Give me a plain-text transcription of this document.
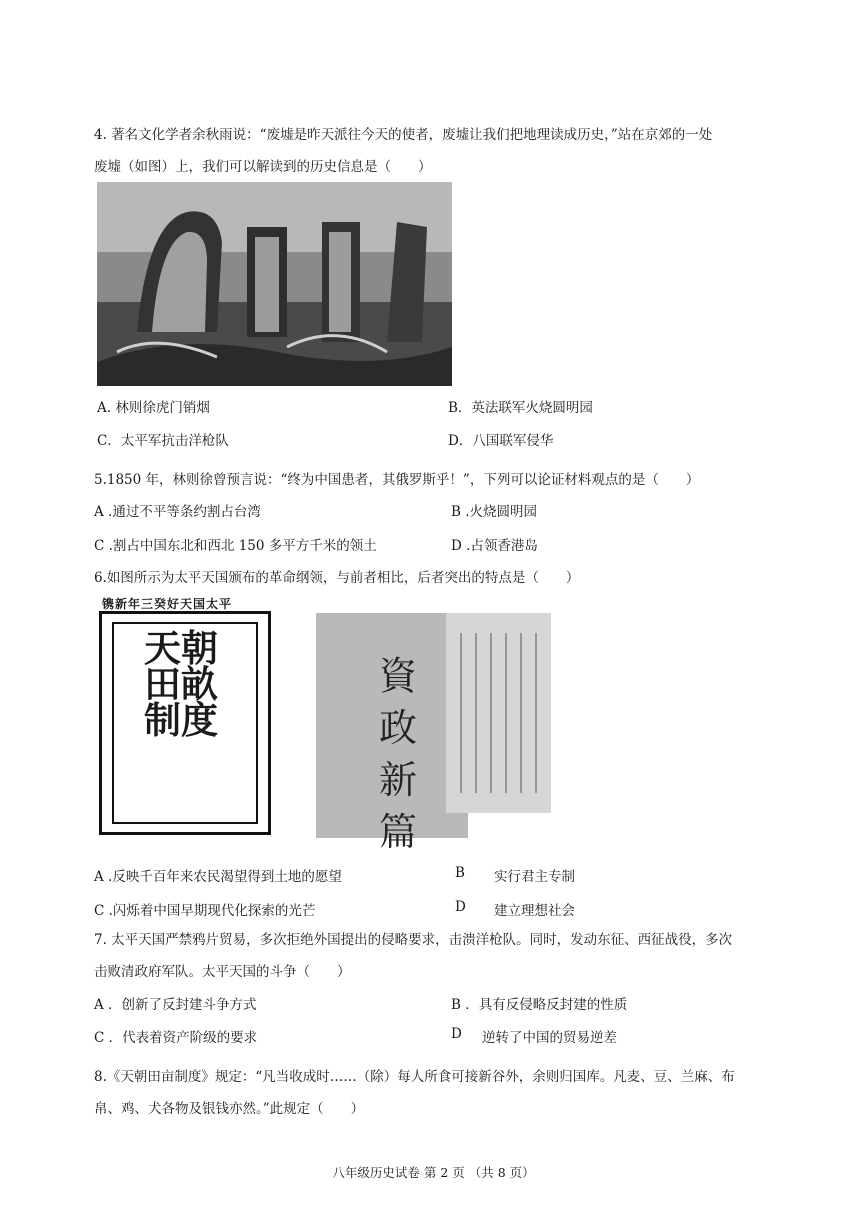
4. 著名文化学者余秋雨说：“废墟是昨天派往今天的使者，废墟让我们把地理读成历史，”站在京郊的一处
废墟（如图）上，我们可以解读到的历史信息是（　　）
A. 林则徐虎门销烟	B．英法联军火烧圆明园
C．太平军抗击洋枪队	D．八国联军侵华
5.1850 年，林则徐曾预言说：“终为中国患者，其俄罗斯乎！”，下列可以论证材料观点的是（　　）
A .通过不平等条约割占台湾	B .火烧圆明园
C .割占中国东北和西北 150 多平方千米的领土	D .占领香港岛
6.如图所示为太平天国颁布的革命纲领，与前者相比，后者突出的特点是（　　）
镌新年三癸好天国太平
天朝田畝制度
資政新篇
A .反映千百年来农民渴望得到土地的愿望	B 实行君主专制
C .闪烁着中国早期现代化探索的光芒	D 建立理想社会
7. 太平天国严禁鸦片贸易，多次拒绝外国提出的侵略要求，击溃洋枪队。同时，发动东征、西征战役，多次
击败清政府军队。太平天国的斗争（　　）
A ．创新了反封建斗争方式	B ．具有反侵略反封建的性质
C ．代表着资产阶级的要求	D 逆转了中国的贸易逆差
8.《天朝田亩制度》规定：“凡当收成时……（除）每人所食可接新谷外，余则归国库。凡麦、豆、兰麻、布
帛、鸡、犬各物及银钱亦然。”此规定（　　）
八年级历史试卷 第 2 页 （共 8 页）
